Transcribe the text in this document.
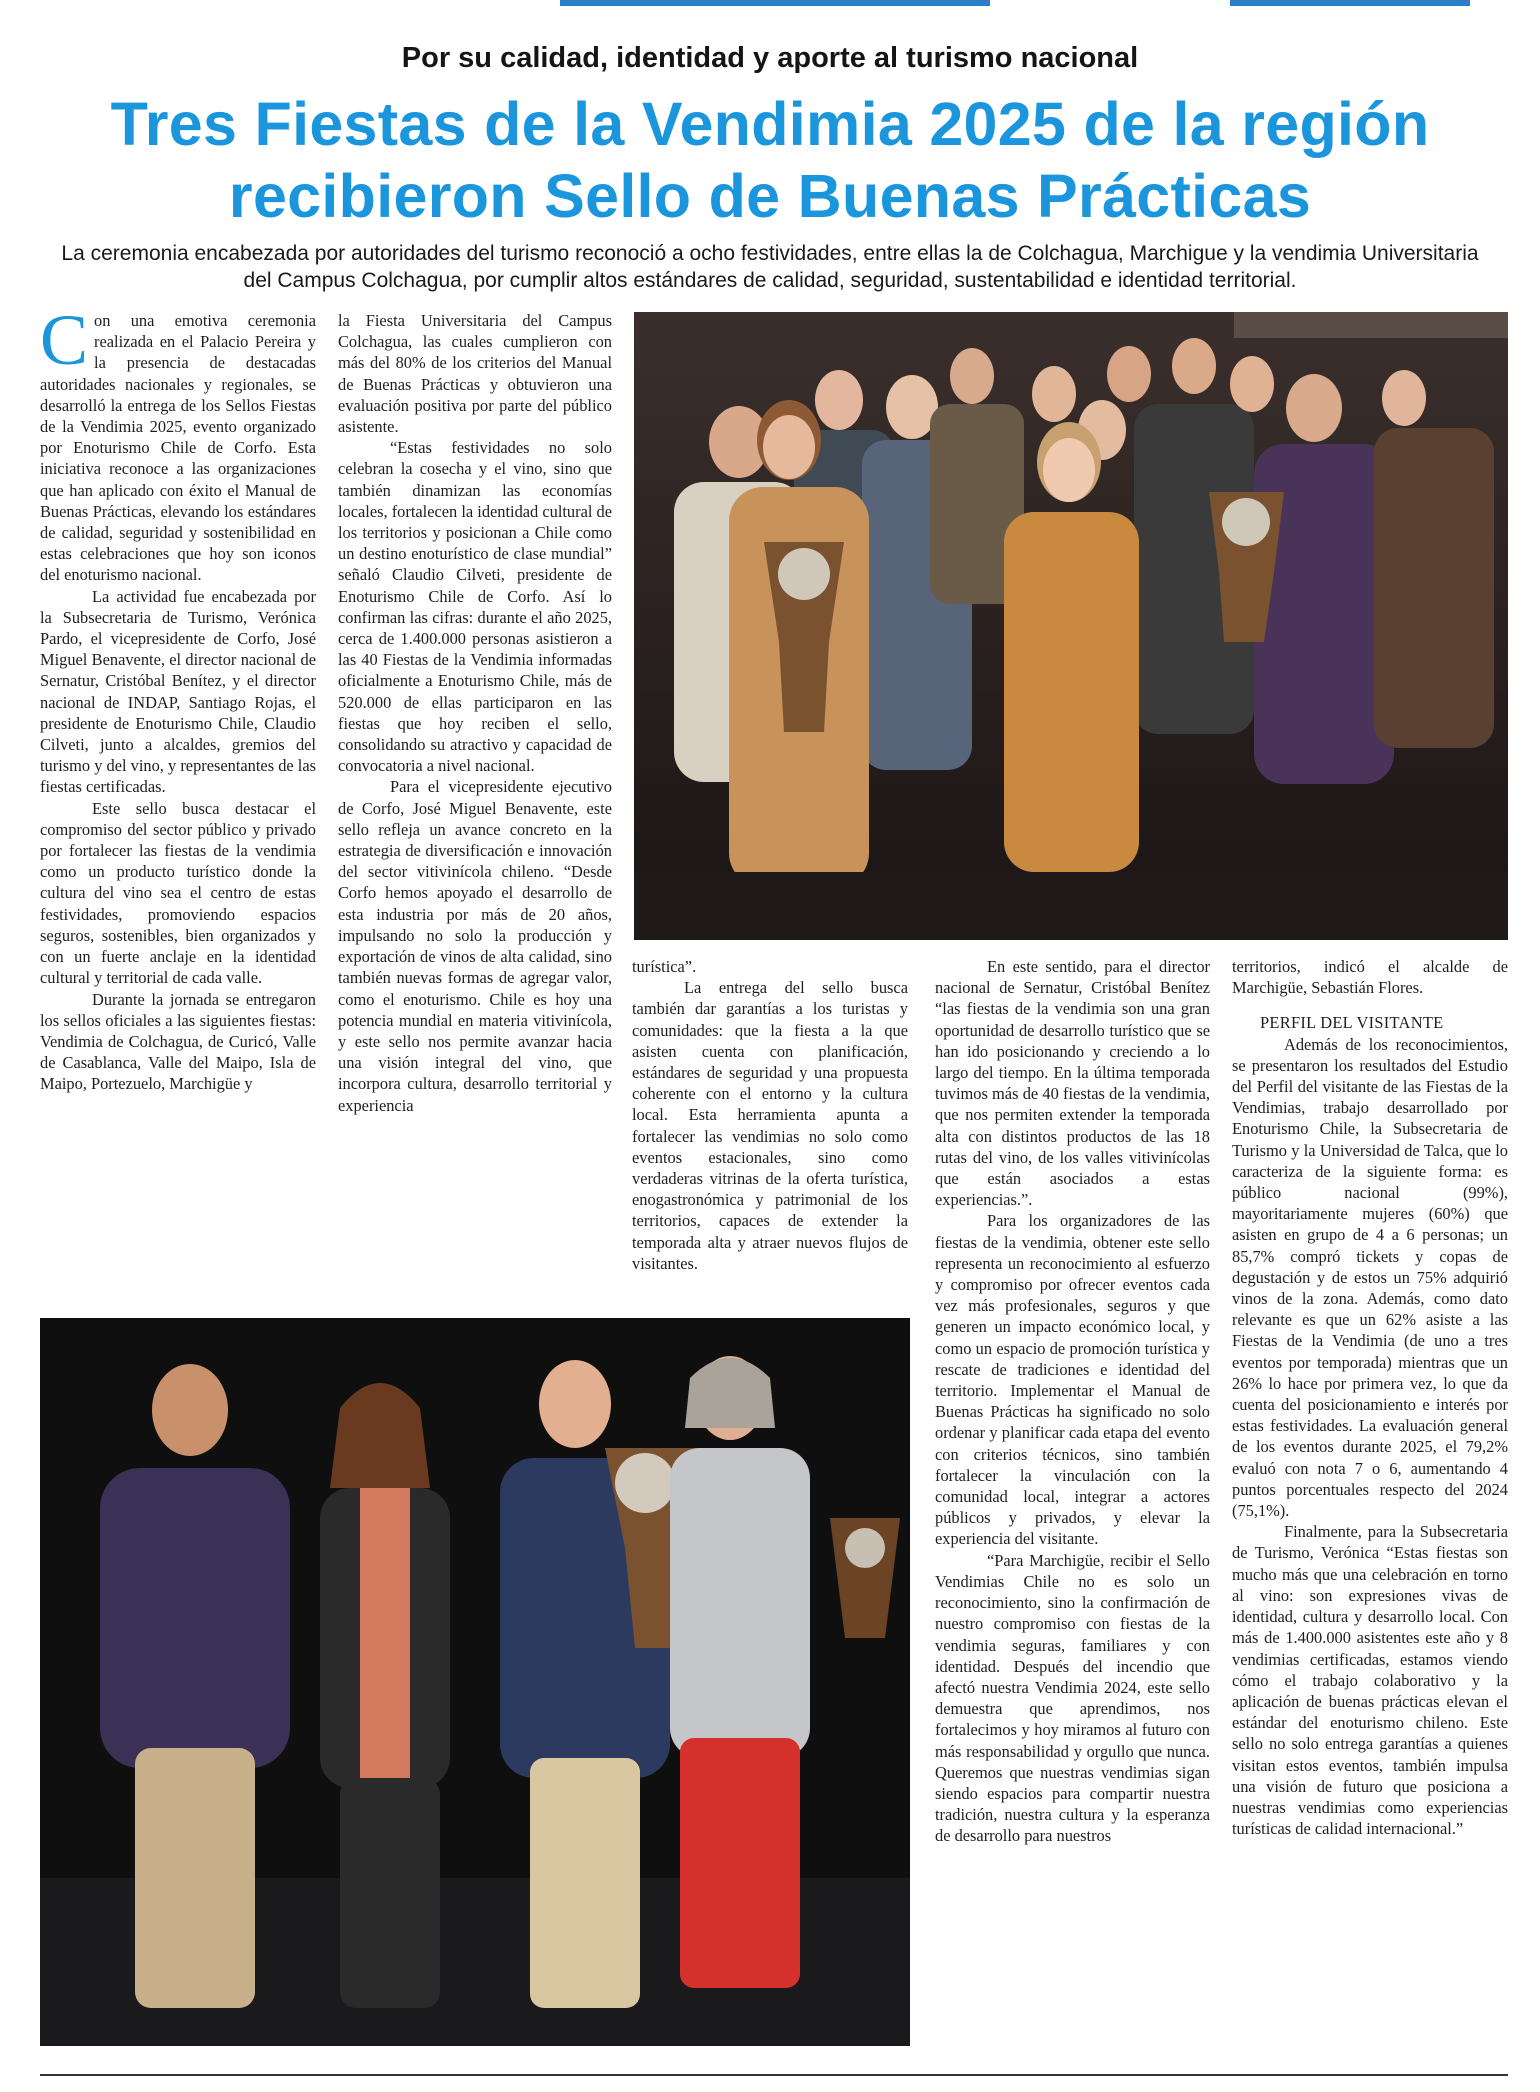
Por su calidad, identidad y aporte al turismo nacional
Tres Fiestas de la Vendimia 2025 de la región
recibieron Sello de Buenas Prácticas
La ceremonia encabezada por autoridades del turismo reconoció a ocho festividades, entre ellas la de Colchagua, Marchigue y la vendimia Universitaria del Campus Colchagua, por cumplir altos estándares de calidad, seguridad, sustentabilidad e identidad territorial.

Con una emotiva ceremonia realizada en el Palacio Pereira y la presencia de destacadas autoridades nacionales y regionales, se desarrolló la entrega de los Sellos Fiestas de la Vendimia 2025, evento organizado por Enoturismo Chile de Corfo. Esta iniciativa reconoce a las organizaciones que han aplicado con éxito el Manual de Buenas Prácticas, elevando los estándares de calidad, seguridad y sostenibilidad en estas celebraciones que hoy son iconos del enoturismo nacional.

La actividad fue encabezada por la Subsecretaria de Turismo, Verónica Pardo, el vicepresidente de Corfo, José Miguel Benavente, el director nacional de Sernatur, Cristóbal Benítez, y el director nacional de INDAP, Santiago Rojas, el presidente de Enoturismo Chile, Claudio Cilveti, junto a alcaldes, gremios del turismo y del vino, y representantes de las fiestas certificadas.

Este sello busca destacar el compromiso del sector público y privado por fortalecer las fiestas de la vendimia como un producto turístico donde la cultura del vino sea el centro de estas festividades, promoviendo espacios seguros, sostenibles, bien organizados y con un fuerte anclaje en la identidad cultural y territorial de cada valle.

Durante la jornada se entregaron los sellos oficiales a las siguientes fiestas: Vendimia de Colchagua, de Curicó, Valle de Casablanca, Valle del Maipo, Isla de Maipo, Portezuelo, Marchigüe y

la Fiesta Universitaria del Campus Colchagua, las cuales cumplieron con más del 80% de los criterios del Manual de Buenas Prácticas y obtuvieron una evaluación positiva por parte del público asistente.

“Estas festividades no solo celebran la cosecha y el vino, sino que también dinamizan las economías locales, fortalecen la identidad cultural de los territorios y posicionan a Chile como un destino enoturístico de clase mundial” señaló Claudio Cilveti, presidente de Enoturismo Chile de Corfo. Así lo confirman las cifras: durante el año 2025, cerca de 1.400.000 personas asistieron a las 40 Fiestas de la Vendimia informadas oficialmente a Enoturismo Chile, más de 520.000 de ellas participaron en las fiestas que hoy reciben el sello, consolidando su atractivo y capacidad de convocatoria a nivel nacional.

Para el vicepresidente ejecutivo de Corfo, José Miguel Benavente, este sello refleja un avance concreto en la estrategia de diversificación e innovación del sector vitivinícola chileno. “Desde Corfo hemos apoyado el desarrollo de esta industria por más de 20 años, impulsando no solo la producción y exportación de vinos de alta calidad, sino también nuevas formas de agregar valor, como el enoturismo. Chile es hoy una potencia mundial en materia vitivinícola, y este sello nos permite avanzar hacia una visión integral del vino, que incorpora cultura, desarrollo territorial y experiencia

turística”.

La entrega del sello busca también dar garantías a los turistas y comunidades: que la fiesta a la que asisten cuenta con planificación, estándares de seguridad y una propuesta coherente con el entorno y la cultura local. Esta herramienta apunta a fortalecer las vendimias no solo como eventos estacionales, sino como verdaderas vitrinas de la oferta turística, enogastronómica y patrimonial de los territorios, capaces de extender la temporada alta y atraer nuevos flujos de visitantes.

En este sentido, para el director nacional de Sernatur, Cristóbal Benítez “las fiestas de la vendimia son una gran oportunidad de desarrollo turístico que se han ido posicionando y creciendo a lo largo del tiempo. En la última temporada tuvimos más de 40 fiestas de la vendimia, que nos permiten extender la temporada alta con distintos productos de las 18 rutas del vino, de los valles vitivinícolas que están asociados a estas experiencias.”.

Para los organizadores de las fiestas de la vendimia, obtener este sello representa un reconocimiento al esfuerzo y compromiso por ofrecer eventos cada vez más profesionales, seguros y que generen un impacto económico local, y como un espacio de promoción turística y rescate de tradiciones e identidad del territorio. Implementar el Manual de Buenas Prácticas ha significado no solo ordenar y planificar cada etapa del evento con criterios técnicos, sino también fortalecer la vinculación con la comunidad local, integrar a actores públicos y privados, y elevar la experiencia del visitante.

“Para Marchigüe, recibir el Sello Vendimias Chile no es solo un reconocimiento, sino la confirmación de nuestro compromiso con fiestas de la vendimia seguras, familiares y con identidad. Después del incendio que afectó nuestra Vendimia 2024, este sello demuestra que aprendimos, nos fortalecimos y hoy miramos al futuro con más responsabilidad y orgullo que nunca. Queremos que nuestras vendimias sigan siendo espacios para compartir nuestra tradición, nuestra cultura y la esperanza de desarrollo para nuestros

territorios, indicó el alcalde de Marchigüe, Sebastián Flores.

PERFIL DEL VISITANTE

Además de los reconocimientos, se presentaron los resultados del Estudio del Perfil del visitante de las Fiestas de la Vendimias, trabajo desarrollado por Enoturismo Chile, la Subsecretaria de Turismo y la Universidad de Talca, que lo caracteriza de la siguiente forma: es público nacional (99%), mayoritariamente mujeres (60%) que asisten en grupo de 4 a 6 personas; un 85,7% compró tickets y copas de degustación y de estos un 75% adquirió vinos de la zona. Además, como dato relevante es que un 62% asiste a las Fiestas de la Vendimia (de uno a tres eventos por temporada) mientras que un 26% lo hace por primera vez, lo que da cuenta del posicionamiento e interés por estas festividades. La evaluación general de los eventos durante 2025, el 79,2% evaluó con nota 7 o 6, aumentando 4 puntos porcentuales respecto del 2024 (75,1%).

Finalmente, para la Subsecretaria de Turismo, Verónica “Estas fiestas son mucho más que una celebración en torno al vino: son expresiones vivas de identidad, cultura y desarrollo local. Con más de 1.400.000 asistentes este año y 8 vendimias certificadas, estamos viendo cómo el trabajo colaborativo y la aplicación de buenas prácticas elevan el estándar del enoturismo chileno. Este sello no solo entrega garantías a quienes visitan estos eventos, también impulsa una visión de futuro que posiciona a nuestras vendimias como experiencias turísticas de calidad internacional.”
